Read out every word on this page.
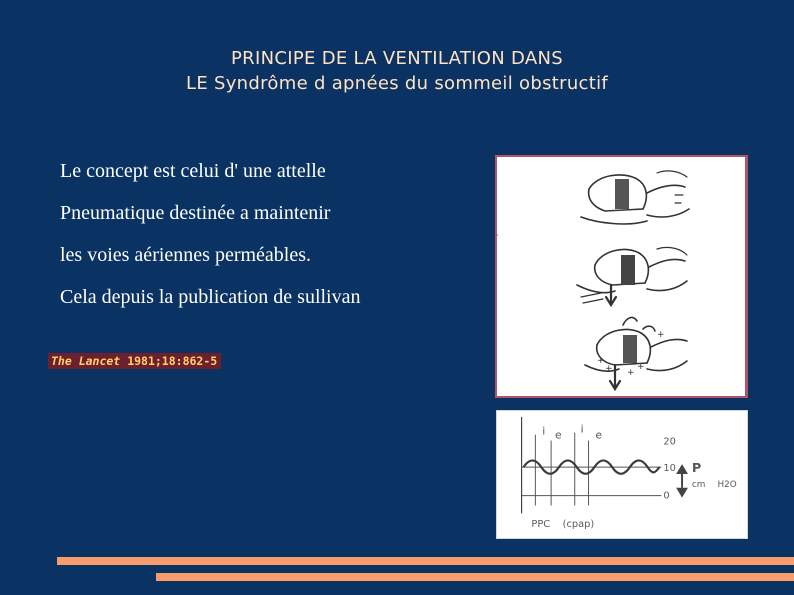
PRINCIPE DE LA VENTILATION DANS
LE Syndrôme d apnées du sommeil obstructif
Le concept est celui d' une attelle
Pneumatique destinée a maintenir
les voies aériennes perméables.
Cela depuis la publication de sullivan
The Lancet 1981;18:862-5	+
+ +
+
+
i e i e
20
10
0
P
cm H2O
PPC    (cpap)
